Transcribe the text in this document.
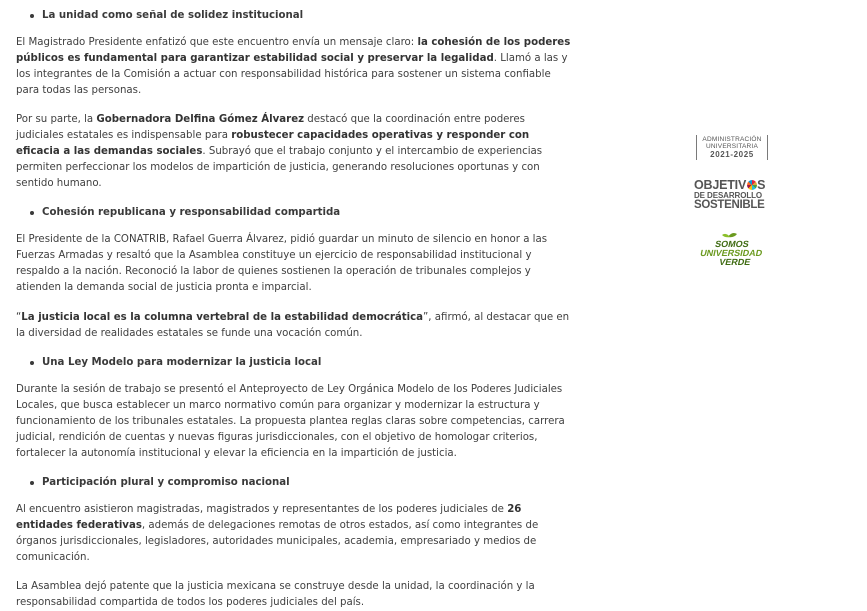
La unidad como señal de solidez institucional

El Magistrado Presidente enfatizó que este encuentro envía un mensaje claro: la cohesión de los poderes públicos es fundamental para garantizar estabilidad social y preservar la legalidad. Llamó a las y los integrantes de la Comisión a actuar con responsabilidad histórica para sostener un sistema confiable para todas las personas.

Por su parte, la Gobernadora Delfina Gómez Álvarez destacó que la coordinación entre poderes judiciales estatales es indispensable para robustecer capacidades operativas y responder con eficacia a las demandas sociales. Subrayó que el trabajo conjunto y el intercambio de experiencias permiten perfeccionar los modelos de impartición de justicia, generando resoluciones oportunas y con sentido humano.

Cohesión republicana y responsabilidad compartida

El Presidente de la CONATRIB, Rafael Guerra Álvarez, pidió guardar un minuto de silencio en honor a las Fuerzas Armadas y resaltó que la Asamblea constituye un ejercicio de responsabilidad institucional y respaldo a la nación. Reconoció la labor de quienes sostienen la operación de tribunales complejos y atienden la demanda social de justicia pronta e imparcial.

“La justicia local es la columna vertebral de la estabilidad democrática”, afirmó, al destacar que en la diversidad de realidades estatales se funde una vocación común.

Una Ley Modelo para modernizar la justicia local

Durante la sesión de trabajo se presentó el Anteproyecto de Ley Orgánica Modelo de los Poderes Judiciales Locales, que busca establecer un marco normativo común para organizar y modernizar la estructura y funcionamiento de los tribunales estatales. La propuesta plantea reglas claras sobre competencias, carrera judicial, rendición de cuentas y nuevas figuras jurisdiccionales, con el objetivo de homologar criterios, fortalecer la autonomía institucional y elevar la eficiencia en la impartición de justicia.

Participación plural y compromiso nacional

Al encuentro asistieron magistradas, magistrados y representantes de los poderes judiciales de 26 entidades federativas, además de delegaciones remotas de otros estados, así como integrantes de órganos jurisdiccionales, legisladores, autoridades municipales, academia, empresariado y medios de comunicación.

La Asamblea dejó patente que la justicia mexicana se construye desde la unidad, la coordinación y la responsabilidad compartida de todos los poderes judiciales del país.

ADMINISTRACIÓN
UNIVERSITARIA
2021-2025
OBJETIV S
DE DESARROLLO
SOSTENIBLE
SOMOS
UNIVERSIDAD
VERDE
